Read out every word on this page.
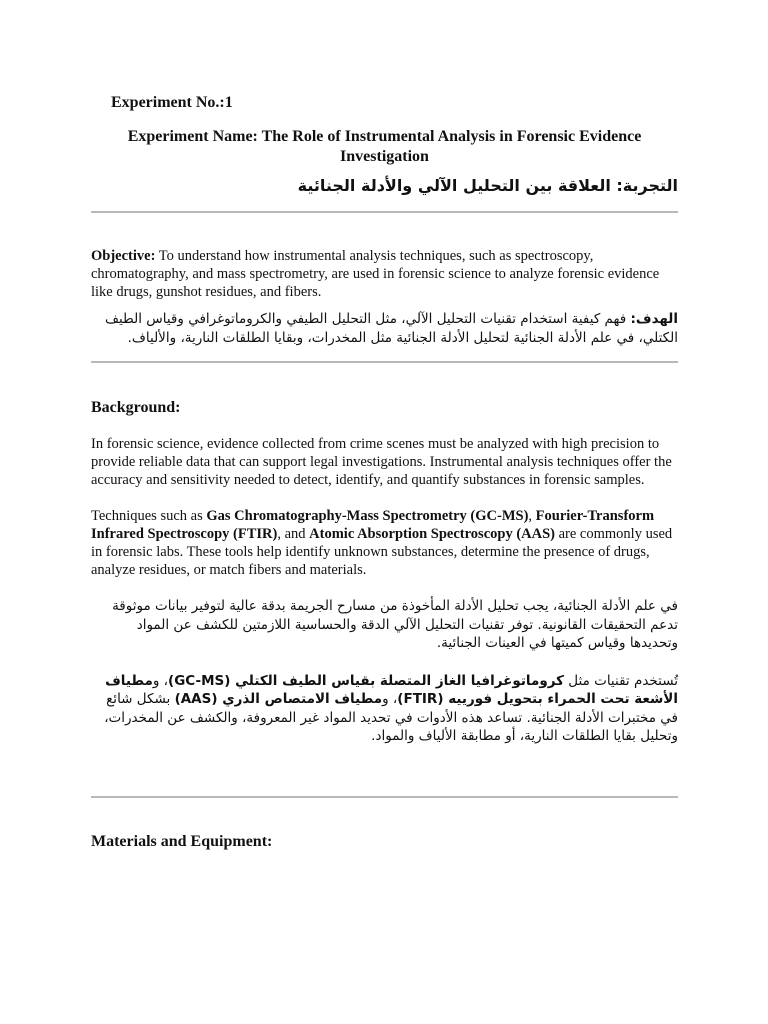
Experiment No.:1
Experiment Name: The Role of Instrumental Analysis in Forensic Evidence Investigation
التجربة: العلاقة بين التحليل الآلي والأدلة الجنائية

Objective: To understand how instrumental analysis techniques, such as spectroscopy, chromatography, and mass spectrometry, are used in forensic science to analyze forensic evidence like drugs, gunshot residues, and fibers.

الهدف: فهم كيفية استخدام تقنيات التحليل الآلي، مثل التحليل الطيفي والكروماتوغرافي وقياس الطيف الكتلي، في علم الأدلة الجنائية لتحليل الأدلة الجنائية مثل المخدرات، وبقايا الطلقات النارية، والألياف.

Background:

In forensic science, evidence collected from crime scenes must be analyzed with high precision to provide reliable data that can support legal investigations. Instrumental analysis techniques offer the accuracy and sensitivity needed to detect, identify, and quantify substances in forensic samples.

Techniques such as Gas Chromatography-Mass Spectrometry (GC-MS), Fourier-Transform Infrared Spectroscopy (FTIR), and Atomic Absorption Spectroscopy (AAS) are commonly used in forensic labs. These tools help identify unknown substances, determine the presence of drugs, analyze residues, or match fibers and materials.

في علم الأدلة الجنائية، يجب تحليل الأدلة المأخوذة من مسارح الجريمة بدقة عالية لتوفير بيانات موثوقة تدعم التحقيقات القانونية. توفر تقنيات التحليل الآلي الدقة والحساسية اللازمتين للكشف عن المواد وتحديدها وقياس كميتها في العينات الجنائية.

تُستخدم تقنيات مثل كروماتوغرافيا الغاز المتصلة بقياس الطيف الكتلي (GC-MS)، ومطياف الأشعة تحت الحمراء بتحويل فورييه (FTIR)، ومطياف الامتصاص الذري (AAS) بشكل شائع في مختبرات الأدلة الجنائية. تساعد هذه الأدوات في تحديد المواد غير المعروفة، والكشف عن المخدرات، وتحليل بقايا الطلقات النارية، أو مطابقة الألياف والمواد.

Materials and Equipment:
